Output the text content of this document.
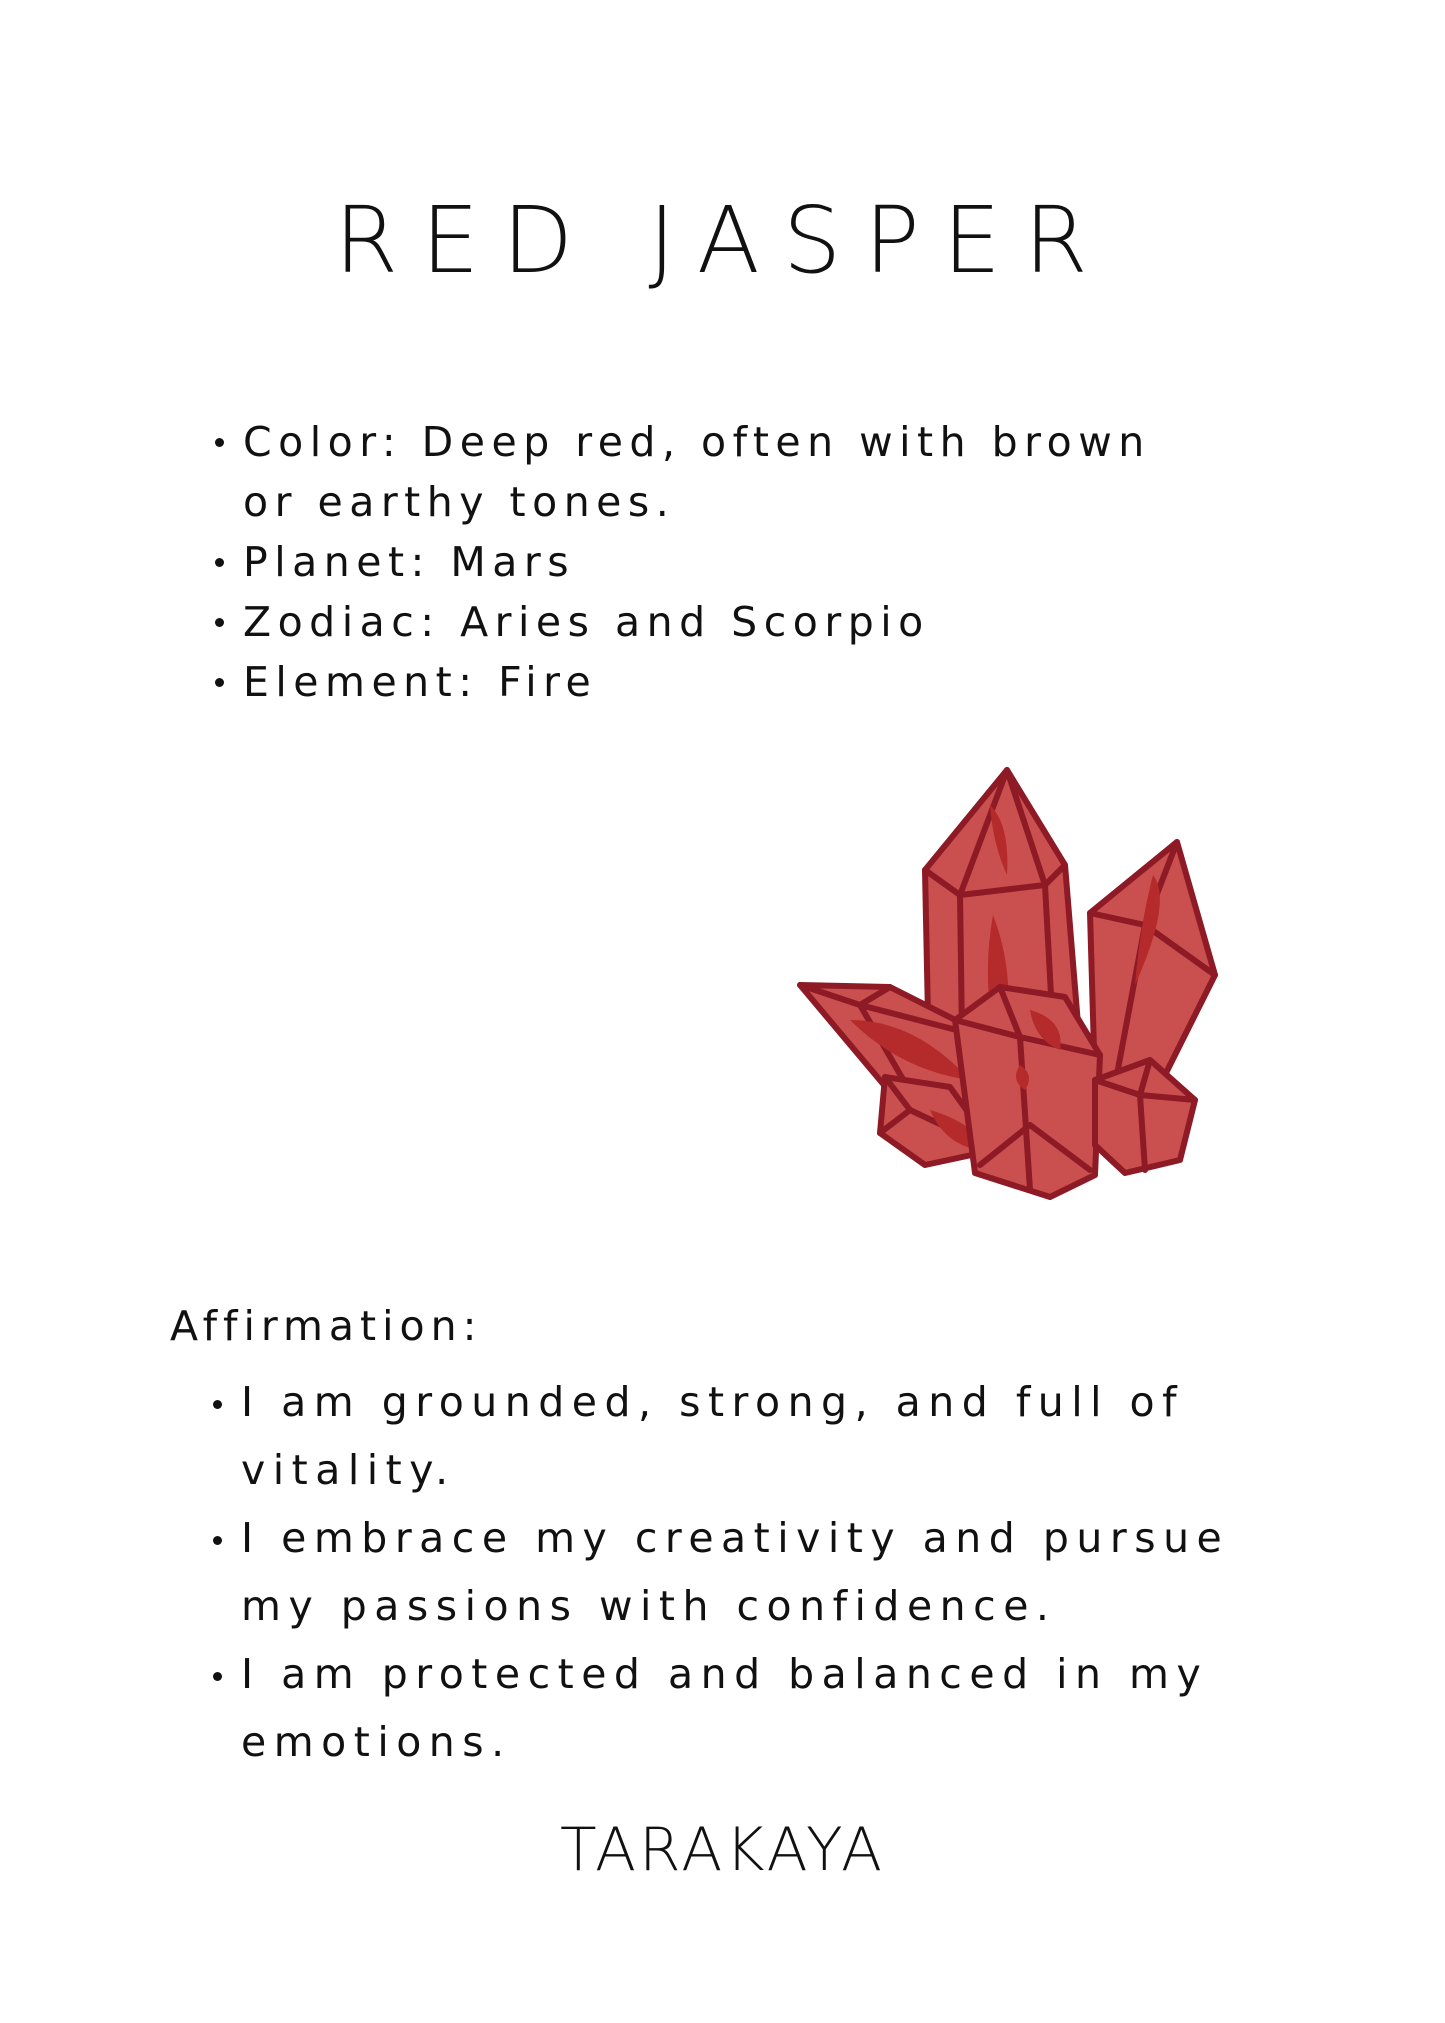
RED JASPER
Color: Deep red, often with brown or earthy tones.
Planet: Mars
Zodiac: Aries and Scorpio
Element: Fire
Affirmation:
I am grounded, strong, and full of vitality.
I embrace my creativity and pursue my passions with confidence.
I am protected and balanced in my emotions.
TARAKAYA
